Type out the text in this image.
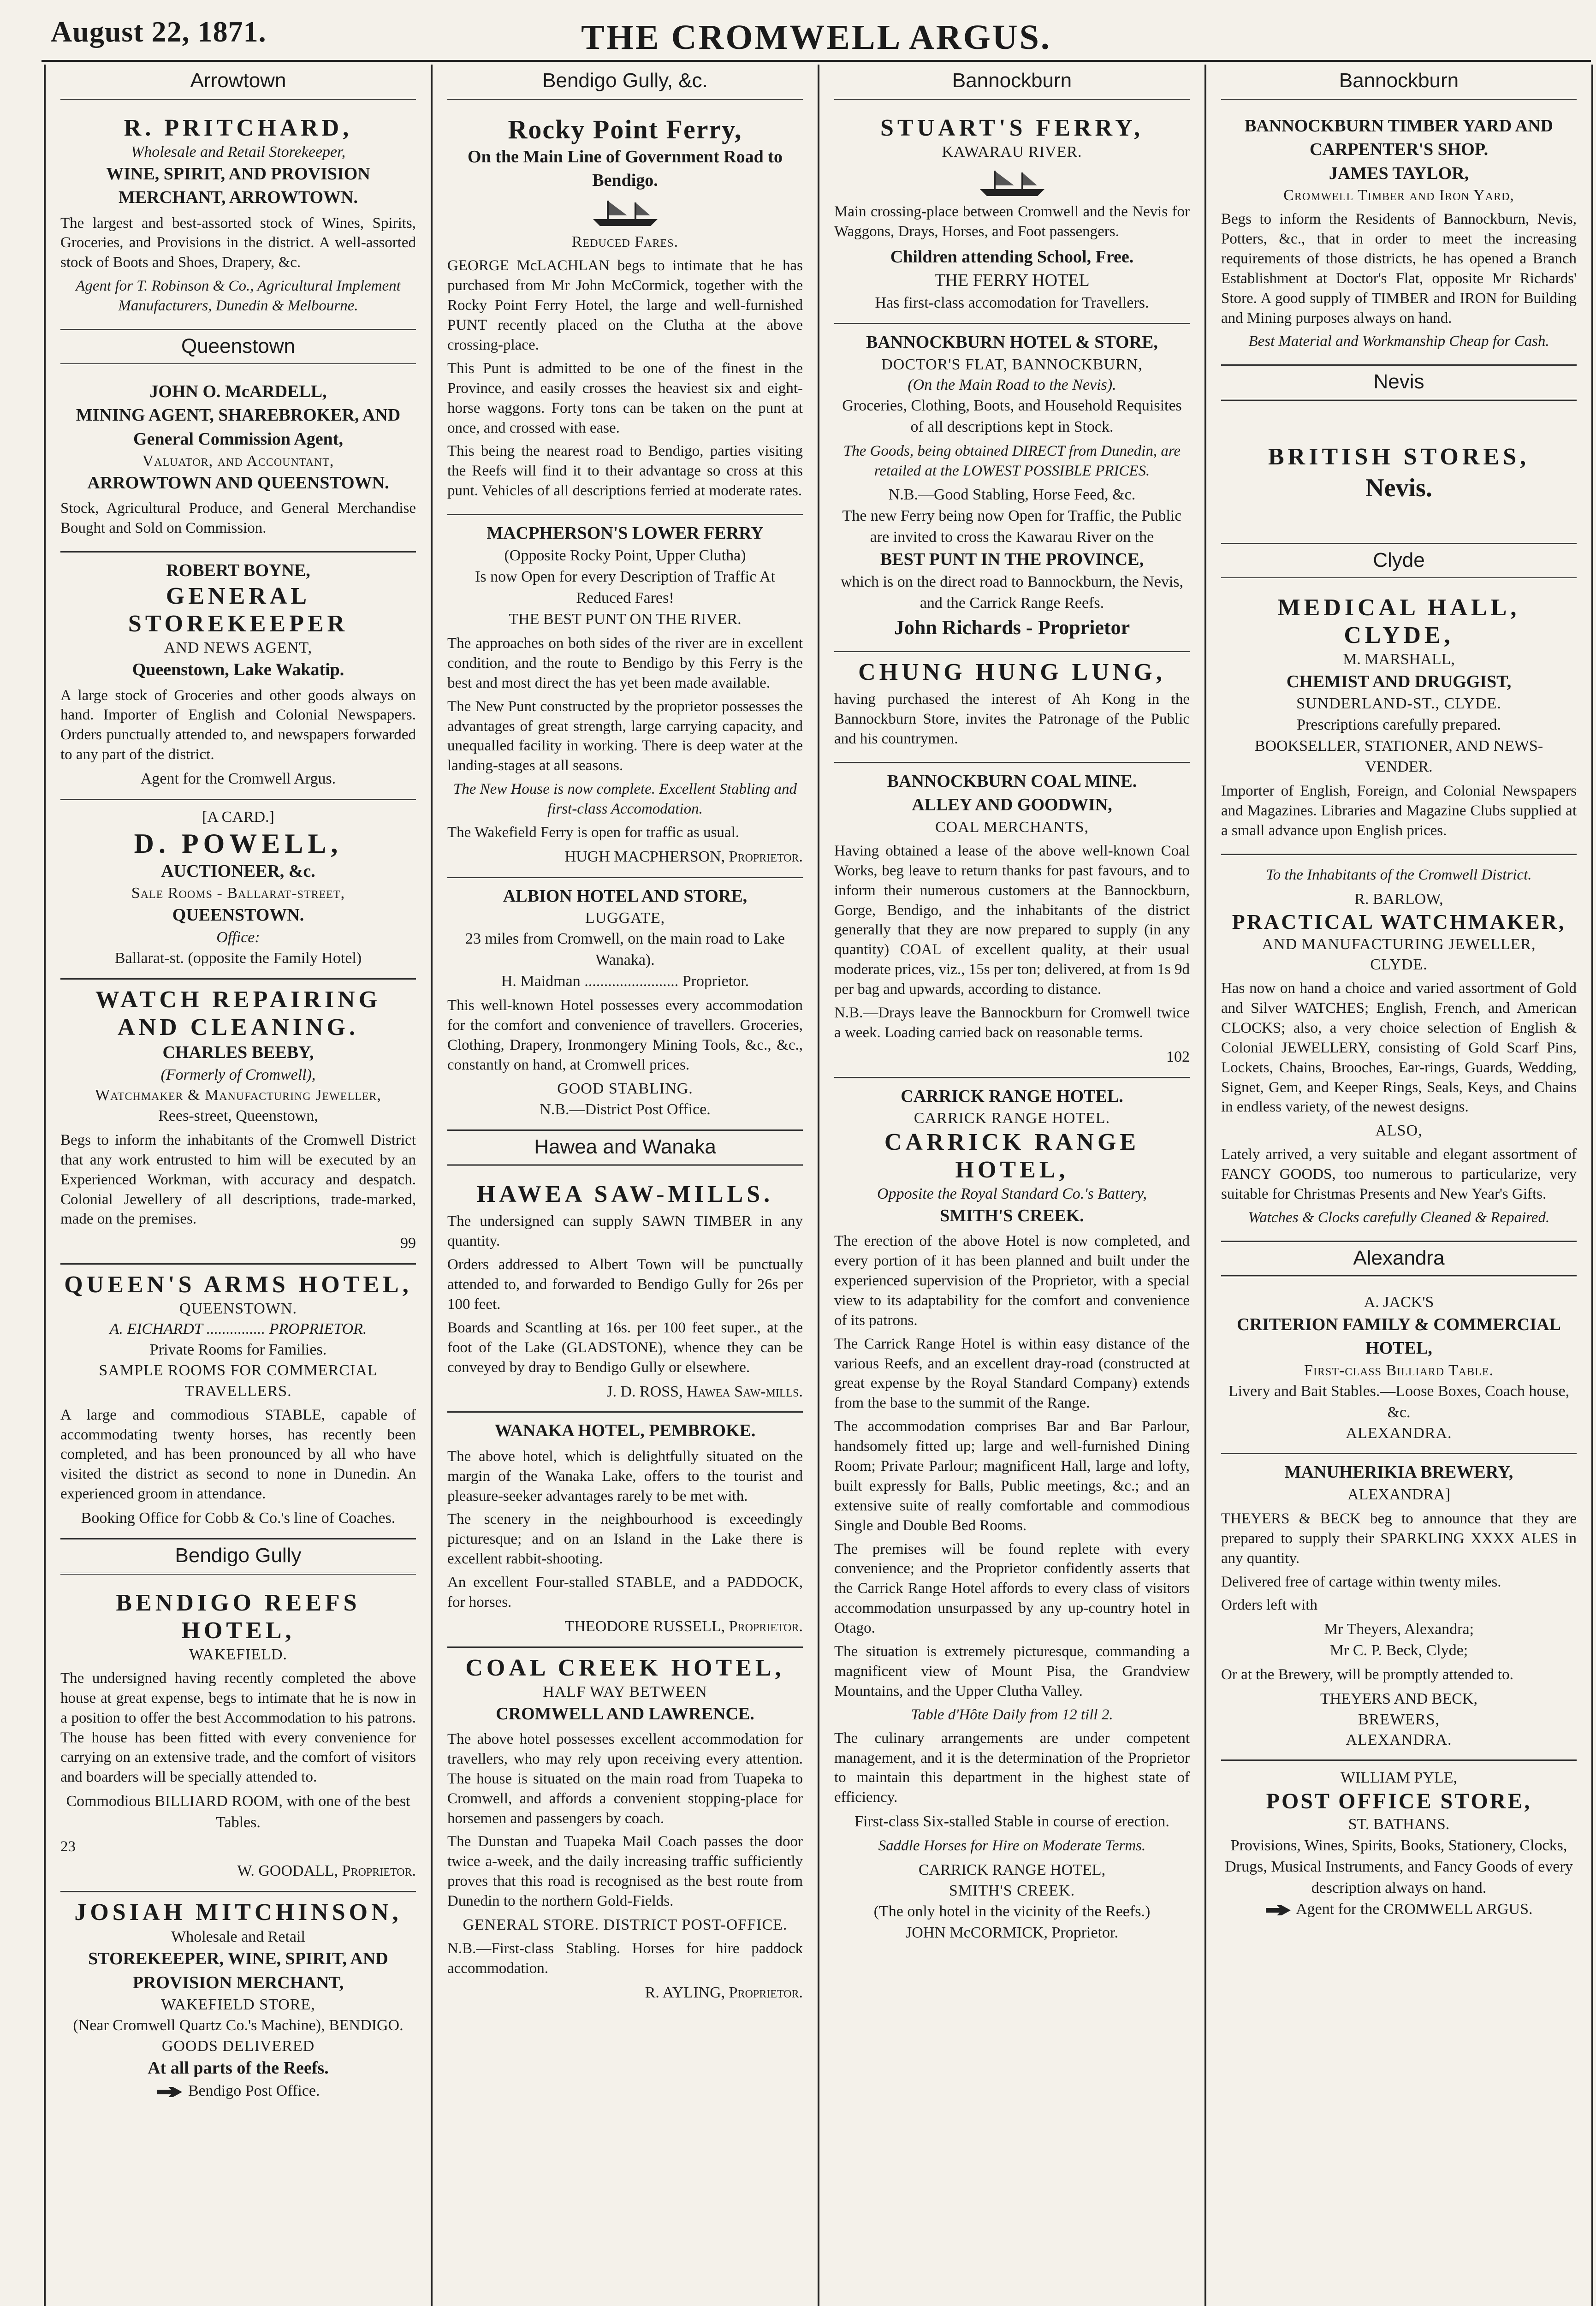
August 22, 1871.	THE CROMWELL ARGUS.
Arrowtown
R. PRITCHARD,
Wholesale and Retail Storekeeper,
WINE, SPIRIT, AND PROVISION MERCHANT, ARROWTOWN.
The largest and best-assorted stock of Wines, Spirits, Groceries, and Provisions in the district. A well-assorted stock of Boots and Shoes, Drapery, &c.
Agent for T. Robinson & Co., Agricultural Implement Manufacturers, Dunedin & Melbourne.
Queenstown
JOHN O. McARDELL,
MINING AGENT, SHAREBROKER, AND General Commission Agent,
Valuator, and Accountant,
ARROWTOWN AND QUEENSTOWN.
Stock, Agricultural Produce, and General Merchandise Bought and Sold on Commission.
ROBERT BOYNE,
GENERAL STOREKEEPER
AND NEWS AGENT,
Queenstown, Lake Wakatip.
A large stock of Groceries and other goods always on hand. Importer of English and Colonial Newspapers. Orders punctually attended to, and newspapers forwarded to any part of the district.
Agent for the Cromwell Argus.
[A CARD.]
D. POWELL,
AUCTIONEER, &c.
Sale Rooms - Ballarat-street,
QUEENSTOWN.
Office:
Ballarat-st. (opposite the Family Hotel)
WATCH REPAIRING AND CLEANING.
CHARLES BEEBY,
(Formerly of Cromwell),
Watchmaker & Manufacturing Jeweller,
Rees-street, Queenstown,
Begs to inform the inhabitants of the Cromwell District that any work entrusted to him will be executed by an Experienced Workman, with accuracy and despatch. Colonial Jewellery of all descriptions, trade-marked, made on the premises.
99
QUEEN'S ARMS HOTEL,
QUEENSTOWN.
A. EICHARDT ............... PROPRIETOR.
Private Rooms for Families.
SAMPLE ROOMS FOR COMMERCIAL TRAVELLERS.
A large and commodious STABLE, capable of accommodating twenty horses, has recently been completed, and has been pronounced by all who have visited the district as second to none in Dunedin. An experienced groom in attendance.
Booking Office for Cobb & Co.'s line of Coaches.
Bendigo Gully
BENDIGO REEFS HOTEL,
WAKEFIELD.
The undersigned having recently completed the above house at great expense, begs to intimate that he is now in a position to offer the best Accommodation to his patrons. The house has been fitted with every convenience for carrying on an extensive trade, and the comfort of visitors and boarders will be specially attended to.
Commodious BILLIARD ROOM, with one of the best Tables.
23
W. GOODALL, Proprietor.
JOSIAH MITCHINSON,
Wholesale and Retail
STOREKEEPER, WINE, SPIRIT, AND PROVISION MERCHANT,
WAKEFIELD STORE,
(Near Cromwell Quartz Co.'s Machine), BENDIGO.
GOODS DELIVERED
At all parts of the Reefs.
Bendigo Post Office.
Bendigo Gully, &c.
Rocky Point Ferry,
On the Main Line of Government Road to Bendigo.
Reduced Fares.
GEORGE McLACHLAN begs to intimate that he has purchased from Mr John McCormick, together with the Rocky Point Ferry Hotel, the large and well-furnished PUNT recently placed on the Clutha at the above crossing-place.
This Punt is admitted to be one of the finest in the Province, and easily crosses the heaviest six and eight-horse waggons. Forty tons can be taken on the punt at once, and crossed with ease.
This being the nearest road to Bendigo, parties visiting the Reefs will find it to their advantage so cross at this punt. Vehicles of all descriptions ferried at moderate rates.
MACPHERSON'S LOWER FERRY
(Opposite Rocky Point, Upper Clutha)
Is now Open for every Description of Traffic At Reduced Fares!
THE BEST PUNT ON THE RIVER.
The approaches on both sides of the river are in excellent condition, and the route to Bendigo by this Ferry is the best and most direct the has yet been made available.
The New Punt constructed by the proprietor possesses the advantages of great strength, large carrying capacity, and unequalled facility in working. There is deep water at the landing-stages at all seasons.
The New House is now complete. Excellent Stabling and first-class Accomodation.
The Wakefield Ferry is open for traffic as usual.
HUGH MACPHERSON, Proprietor.
ALBION HOTEL AND STORE,
LUGGATE,
23 miles from Cromwell, on the main road to Lake Wanaka).
H. Maidman ........................ Proprietor.
This well-known Hotel possesses every accommodation for the comfort and convenience of travellers. Groceries, Clothing, Drapery, Ironmongery Mining Tools, &c., &c., constantly on hand, at Cromwell prices.
GOOD STABLING.
N.B.—District Post Office.
Hawea and Wanaka
HAWEA SAW-MILLS.
The undersigned can supply SAWN TIMBER in any quantity.
Orders addressed to Albert Town will be punctually attended to, and forwarded to Bendigo Gully for 26s per 100 feet.
Boards and Scantling at 16s. per 100 feet super., at the foot of the Lake (GLADSTONE), whence they can be conveyed by dray to Bendigo Gully or elsewhere.
J. D. ROSS, Hawea Saw-mills.
WANAKA HOTEL, PEMBROKE.
The above hotel, which is delightfully situated on the margin of the Wanaka Lake, offers to the tourist and pleasure-seeker advantages rarely to be met with.
The scenery in the neighbourhood is exceedingly picturesque; and on an Island in the Lake there is excellent rabbit-shooting.
An excellent Four-stalled STABLE, and a PADDOCK, for horses.
THEODORE RUSSELL, Proprietor.
COAL CREEK HOTEL,
HALF WAY BETWEEN
CROMWELL AND LAWRENCE.
The above hotel possesses excellent accommodation for travellers, who may rely upon receiving every attention. The house is situated on the main road from Tuapeka to Cromwell, and affords a convenient stopping-place for horsemen and passengers by coach.
The Dunstan and Tuapeka Mail Coach passes the door twice a-week, and the daily increasing traffic sufficiently proves that this road is recognised as the best route from Dunedin to the northern Gold-Fields.
GENERAL STORE. DISTRICT POST-OFFICE.
N.B.—First-class Stabling. Horses for hire paddock accommodation.
R. AYLING, Proprietor.
Bannockburn
STUART'S FERRY,
KAWARAU RIVER.
Main crossing-place between Cromwell and the Nevis for Waggons, Drays, Horses, and Foot passengers.
Children attending School, Free.
THE FERRY HOTEL
Has first-class accomodation for Travellers.
BANNOCKBURN HOTEL & STORE,
DOCTOR'S FLAT, BANNOCKBURN,
(On the Main Road to the Nevis).
Groceries, Clothing, Boots, and Household Requisites of all descriptions kept in Stock.
The Goods, being obtained DIRECT from Dunedin, are retailed at the LOWEST POSSIBLE PRICES.
N.B.—Good Stabling, Horse Feed, &c.
The new Ferry being now Open for Traffic, the Public are invited to cross the Kawarau River on the
BEST PUNT IN THE PROVINCE,
which is on the direct road to Bannockburn, the Nevis, and the Carrick Range Reefs.
John Richards - Proprietor
CHUNG HUNG LUNG,
having purchased the interest of Ah Kong in the Bannockburn Store, invites the Patronage of the Public and his countrymen.
BANNOCKBURN COAL MINE.
ALLEY AND GOODWIN,
COAL MERCHANTS,
Having obtained a lease of the above well-known Coal Works, beg leave to return thanks for past favours, and to inform their numerous customers at the Bannockburn, Gorge, Bendigo, and the inhabitants of the district generally that they are now prepared to supply (in any quantity) COAL of excellent quality, at their usual moderate prices, viz., 15s per ton; delivered, at from 1s 9d per bag and upwards, according to distance.
N.B.—Drays leave the Bannockburn for Cromwell twice a week. Loading carried back on reasonable terms.
102
CARRICK RANGE HOTEL.
CARRICK RANGE HOTEL.
CARRICK RANGE HOTEL,
Opposite the Royal Standard Co.'s Battery,
SMITH'S CREEK.
The erection of the above Hotel is now completed, and every portion of it has been planned and built under the experienced supervision of the Proprietor, with a special view to its adaptability for the comfort and convenience of its patrons.
The Carrick Range Hotel is within easy distance of the various Reefs, and an excellent dray-road (constructed at great expense by the Royal Standard Company) extends from the base to the summit of the Range.
The accommodation comprises Bar and Bar Parlour, handsomely fitted up; large and well-furnished Dining Room; Private Parlour; magnificent Hall, large and lofty, built expressly for Balls, Public meetings, &c.; and an extensive suite of really comfortable and commodious Single and Double Bed Rooms.
The premises will be found replete with every convenience; and the Proprietor confidently asserts that the Carrick Range Hotel affords to every class of visitors accommodation unsurpassed by any up-country hotel in Otago.
The situation is extremely picturesque, commanding a magnificent view of Mount Pisa, the Grandview Mountains, and the Upper Clutha Valley.
Table d'Hôte Daily from 12 till 2.
The culinary arrangements are under competent management, and it is the determination of the Proprietor to maintain this department in the highest state of efficiency.
First-class Six-stalled Stable in course of erection.
Saddle Horses for Hire on Moderate Terms.
CARRICK RANGE HOTEL,
SMITH'S CREEK.
(The only hotel in the vicinity of the Reefs.)
JOHN McCORMICK, Proprietor.
Bannockburn
BANNOCKBURN TIMBER YARD AND CARPENTER'S SHOP.
JAMES TAYLOR,
Cromwell Timber and Iron Yard,
Begs to inform the Residents of Bannockburn, Nevis, Potters, &c., that in order to meet the increasing requirements of those districts, he has opened a Branch Establishment at Doctor's Flat, opposite Mr Richards' Store. A good supply of TIMBER and IRON for Building and Mining purposes always on hand.
Best Material and Workmanship Cheap for Cash.
Nevis
BRITISH STORES,
Nevis.
Clyde
MEDICAL HALL, CLYDE,
M. MARSHALL,
CHEMIST AND DRUGGIST,
SUNDERLAND-ST., CLYDE.
Prescriptions carefully prepared.
BOOKSELLER, STATIONER, AND NEWS-VENDER.
Importer of English, Foreign, and Colonial Newspapers and Magazines. Libraries and Magazine Clubs supplied at a small advance upon English prices.
To the Inhabitants of the Cromwell District.
R. BARLOW,
PRACTICAL WATCHMAKER,
AND MANUFACTURING JEWELLER,
CLYDE.
Has now on hand a choice and varied assortment of Gold and Silver WATCHES; English, French, and American CLOCKS; also, a very choice selection of English & Colonial JEWELLERY, consisting of Gold Scarf Pins, Lockets, Chains, Brooches, Ear-rings, Guards, Wedding, Signet, Gem, and Keeper Rings, Seals, Keys, and Chains in endless variety, of the newest designs.
ALSO,
Lately arrived, a very suitable and elegant assortment of FANCY GOODS, too numerous to particularize, very suitable for Christmas Presents and New Year's Gifts.
Watches & Clocks carefully Cleaned & Repaired.
Alexandra
A. JACK'S
CRITERION FAMILY & COMMERCIAL HOTEL,
First-class Billiard Table.
Livery and Bait Stables.—Loose Boxes, Coach house, &c.
ALEXANDRA.
MANUHERIKIA BREWERY,
ALEXANDRA]
THEYERS & BECK beg to announce that they are prepared to supply their SPARKLING XXXX ALES in any quantity.
Delivered free of cartage within twenty miles.
Orders left with
Mr Theyers, Alexandra;
Mr C. P. Beck, Clyde;
Or at the Brewery, will be promptly attended to.
THEYERS AND BECK,
BREWERS,
ALEXANDRA.
WILLIAM PYLE,
POST OFFICE STORE,
ST. BATHANS.
Provisions, Wines, Spirits, Books, Stationery, Clocks, Drugs, Musical Instruments, and Fancy Goods of every description always on hand.
Agent for the CROMWELL ARGUS.
